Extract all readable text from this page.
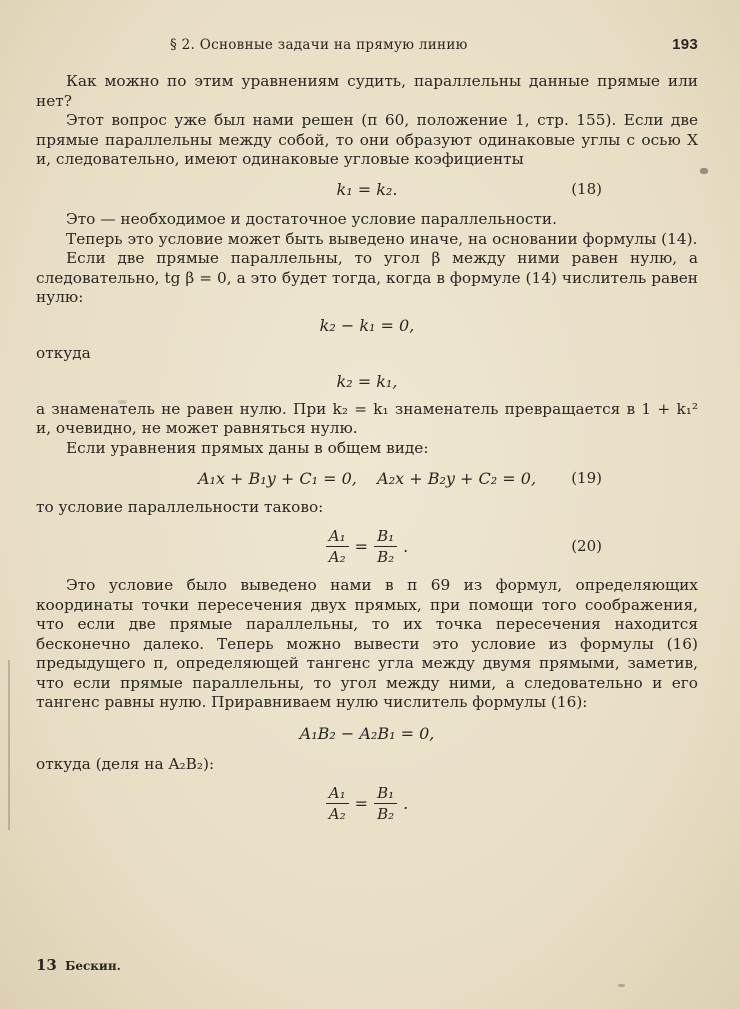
§ 2. Основные задачи на прямую линию	193

Как можно по этим уравнениям судить, параллельны данные прямые или нет?

Этот вопрос уже был нами решен (п 60, положение 1, стр. 155). Если две прямые параллельны между собой, то они образуют одинаковые углы с осью X и, следовательно, имеют одинаковые угловые коэфициенты

k₁ = k₂.	(18)

Это — необходимое и достаточное условие параллельности.

Теперь это условие может быть выведено иначе, на основании формулы (14).

Если две прямые параллельны, то угол β между ними равен нулю, а следовательно, tg β = 0, а это будет тогда, когда в формуле (14) числитель равен нулю:

k₂ − k₁ = 0,

откуда

k₂ = k₁,

а знаменатель не равен нулю. При k₂ = k₁ знаменатель превращается в 1 + k₁² и, очевидно, не может равняться нулю.

Если уравнения прямых даны в общем виде:

A₁x + B₁y + C₁ = 0,    A₂x + B₂y + C₂ = 0, (19)

то условие параллельности таково:

$\frac{\text{A₁}}{\text{A₂}} = \frac{\text{B₁}}{\text{B₂}}$ .	(20)

Это условие было выведено нами в п 69 из формул, определяющих координаты точки пересечения двух прямых, при помощи того соображения, что если две прямые параллельны, то их точка пересечения находится бесконечно далеко. Теперь можно вывести это условие из формулы (16) предыдущего п, определяющей тангенс угла между двумя прямыми, заметив, что если прямые параллельны, то угол между ними, а следовательно и его тангенс равны нулю. Приравниваем нулю числитель формулы (16):

A₁B₂ − A₂B₁ = 0,

откуда (деля на A₂B₂):

$\frac{\text{A₁}}{\text{A₂}} = \frac{\text{B₁}}{\text{B₂}}$ .
13 Бескин.
